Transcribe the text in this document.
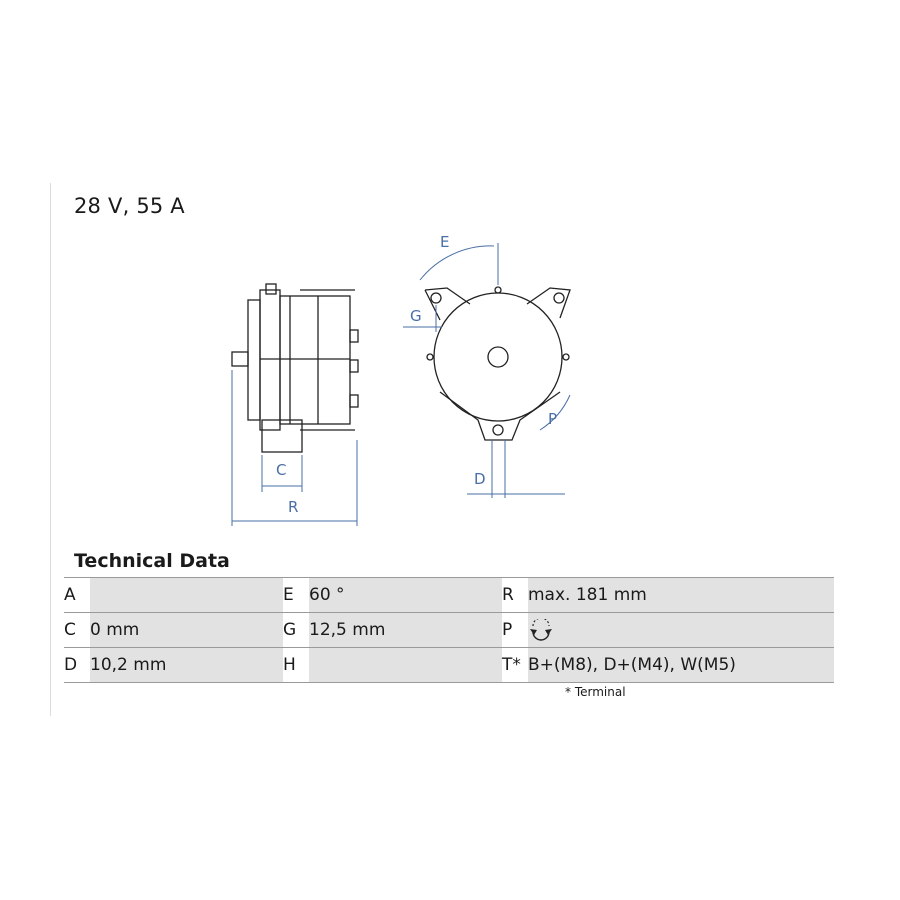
28 V, 55 A
C
R
E
G
P
D
Technical Data
A		E	60 °	R	max. 181 mm
C	0 mm	G	12,5 mm	P	
D	10,2 mm	H		T*	B+(M8), D+(M4), W(M5)
* Terminal
